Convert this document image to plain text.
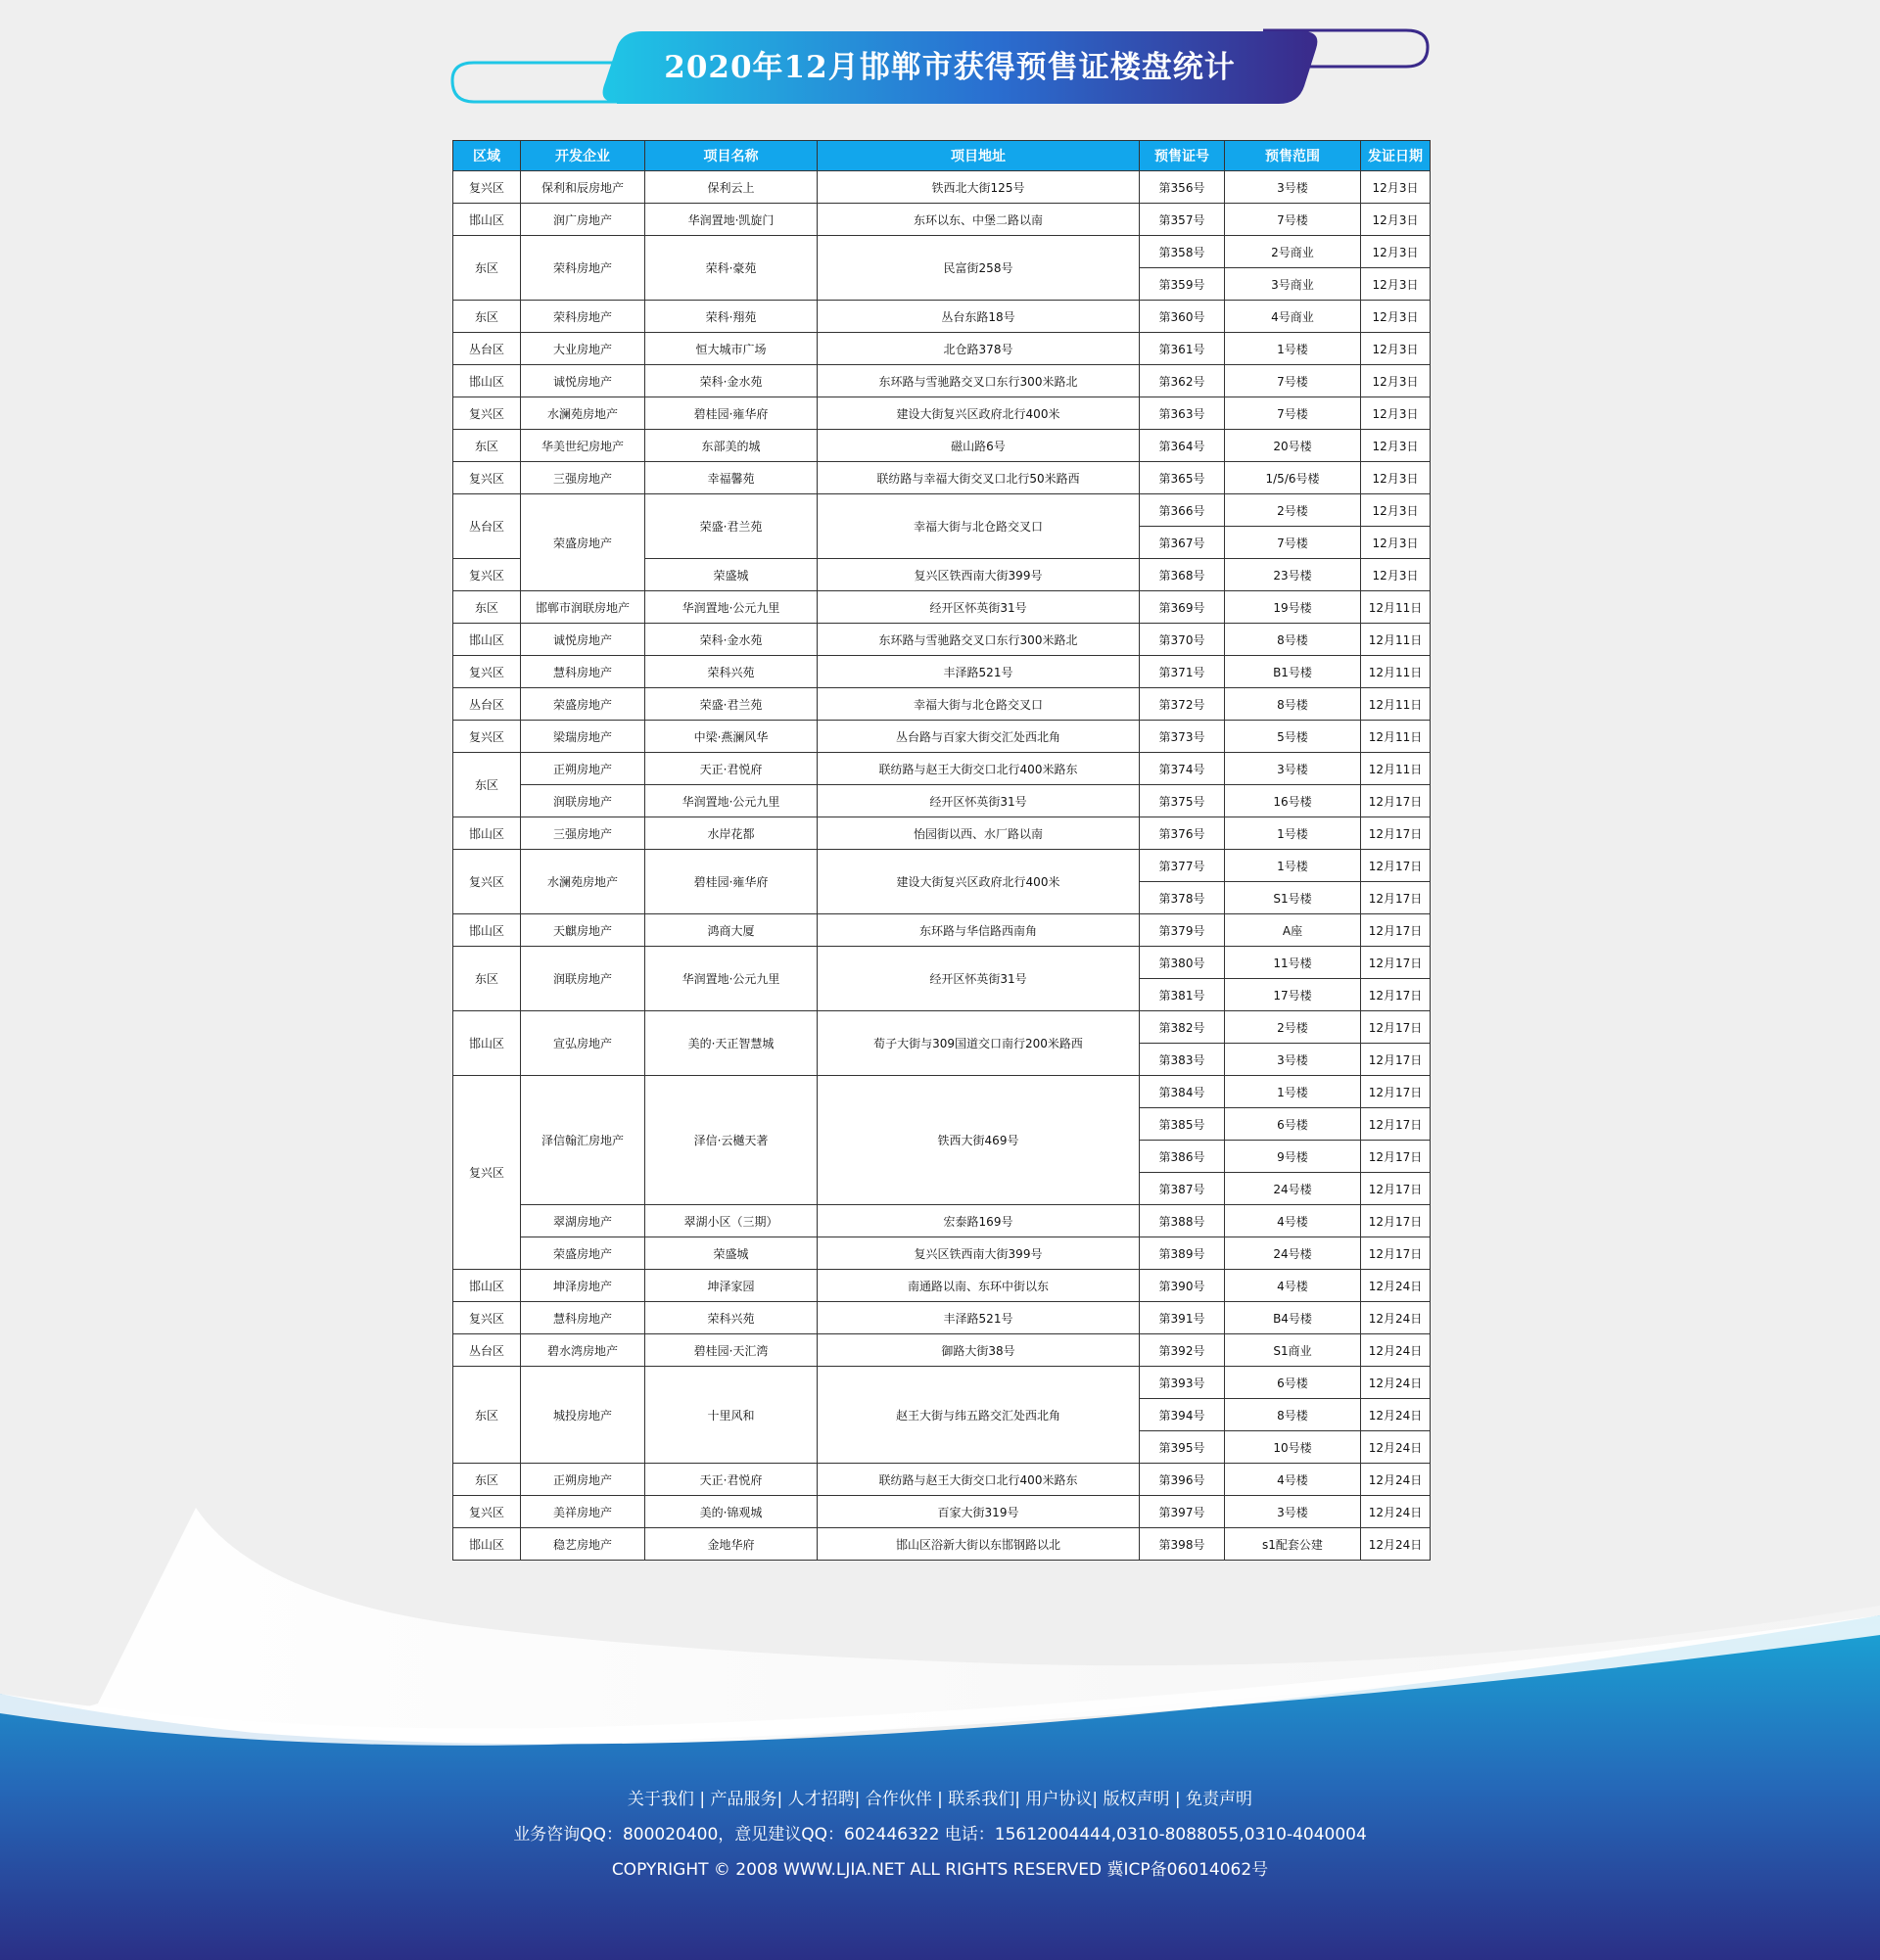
2020年12月邯郸市获得预售证楼盘统计
区域	开发企业	项目名称	项目地址	预售证号	预售范围	发证日期
复兴区	保利和辰房地产	保利云上	铁西北大街125号	第356号	3号楼	12月3日
邯山区	润广房地产	华润置地·凯旋门	东环以东、中堡二路以南	第357号	7号楼	12月3日
东区	荣科房地产	荣科·豪苑	民富街258号	第358号	2号商业	12月3日
				第359号	3号商业	12月3日
东区	荣科房地产	荣科·翔苑	丛台东路18号	第360号	4号商业	12月3日
丛台区	大业房地产	恒大城市广场	北仓路378号	第361号	1号楼	12月3日
邯山区	诚悦房地产	荣科·金水苑	东环路与雪驰路交叉口东行300米路北	第362号	7号楼	12月3日
复兴区	水澜苑房地产	碧桂园·雍华府	建设大街复兴区政府北行400米	第363号	7号楼	12月3日
东区	华美世纪房地产	东部美的城	磁山路6号	第364号	20号楼	12月3日
复兴区	三强房地产	幸福馨苑	联纺路与幸福大街交叉口北行50米路西	第365号	1/5/6号楼	12月3日
丛台区	荣盛房地产	荣盛·君兰苑	幸福大街与北仓路交叉口	第366号	2号楼	12月3日
				第367号	7号楼	12月3日
复兴区		荣盛城	复兴区铁西南大街399号	第368号	23号楼	12月3日
东区	邯郸市润联房地产	华润置地·公元九里	经开区怀英街31号	第369号	19号楼	12月11日
邯山区	诚悦房地产	荣科·金水苑	东环路与雪驰路交叉口东行300米路北	第370号	8号楼	12月11日
复兴区	慧科房地产	荣科兴苑	丰泽路521号	第371号	B1号楼	12月11日
丛台区	荣盛房地产	荣盛·君兰苑	幸福大街与北仓路交叉口	第372号	8号楼	12月11日
复兴区	梁瑞房地产	中梁·燕澜风华	丛台路与百家大街交汇处西北角	第373号	5号楼	12月11日
东区	正朔房地产	天正·君悦府	联纺路与赵王大街交口北行400米路东	第374号	3号楼	12月11日
	润联房地产	华润置地·公元九里	经开区怀英街31号	第375号	16号楼	12月17日
邯山区	三强房地产	水岸花都	怡园街以西、水厂路以南	第376号	1号楼	12月17日
复兴区	水澜苑房地产	碧桂园·雍华府	建设大街复兴区政府北行400米	第377号	1号楼	12月17日
				第378号	S1号楼	12月17日
邯山区	天麒房地产	鸿商大厦	东环路与华信路西南角	第379号	A座	12月17日
东区	润联房地产	华润置地·公元九里	经开区怀英街31号	第380号	11号楼	12月17日
				第381号	17号楼	12月17日
邯山区	宣弘房地产	美的·天正智慧城	荀子大街与309国道交口南行200米路西	第382号	2号楼	12月17日
				第383号	3号楼	12月17日
复兴区	泽信翰汇房地产	泽信·云樾天著	铁西大街469号	第384号	1号楼	12月17日
				第385号	6号楼	12月17日
				第386号	9号楼	12月17日
				第387号	24号楼	12月17日
	翠湖房地产	翠湖小区（三期）	宏泰路169号	第388号	4号楼	12月17日
	荣盛房地产	荣盛城	复兴区铁西南大街399号	第389号	24号楼	12月17日
邯山区	坤泽房地产	坤泽家园	南通路以南、东环中街以东	第390号	4号楼	12月24日
复兴区	慧科房地产	荣科兴苑	丰泽路521号	第391号	B4号楼	12月24日
丛台区	碧水湾房地产	碧桂园·天汇湾	御路大街38号	第392号	S1商业	12月24日
东区	城投房地产	十里风和	赵王大街与纬五路交汇处西北角	第393号	6号楼	12月24日
				第394号	8号楼	12月24日
				第395号	10号楼	12月24日
东区	正朔房地产	天正·君悦府	联纺路与赵王大街交口北行400米路东	第396号	4号楼	12月24日
复兴区	美祥房地产	美的·锦观城	百家大街319号	第397号	3号楼	12月24日
邯山区	稳艺房地产	金地华府	邯山区浴新大街以东邯钢路以北	第398号	s1配套公建	12月24日
关于我们 | 产品服务| 人才招聘| 合作伙伴 | 联系我们| 用户协议| 版权声明 | 免责声明
业务咨询QQ：800020400，意见建议QQ：602446322 电话：15612004444,0310-8088055,0310-4040004
COPYRIGHT © 2008 WWW.LJIA.NET ALL RIGHTS RESERVED 冀ICP备06014062号
